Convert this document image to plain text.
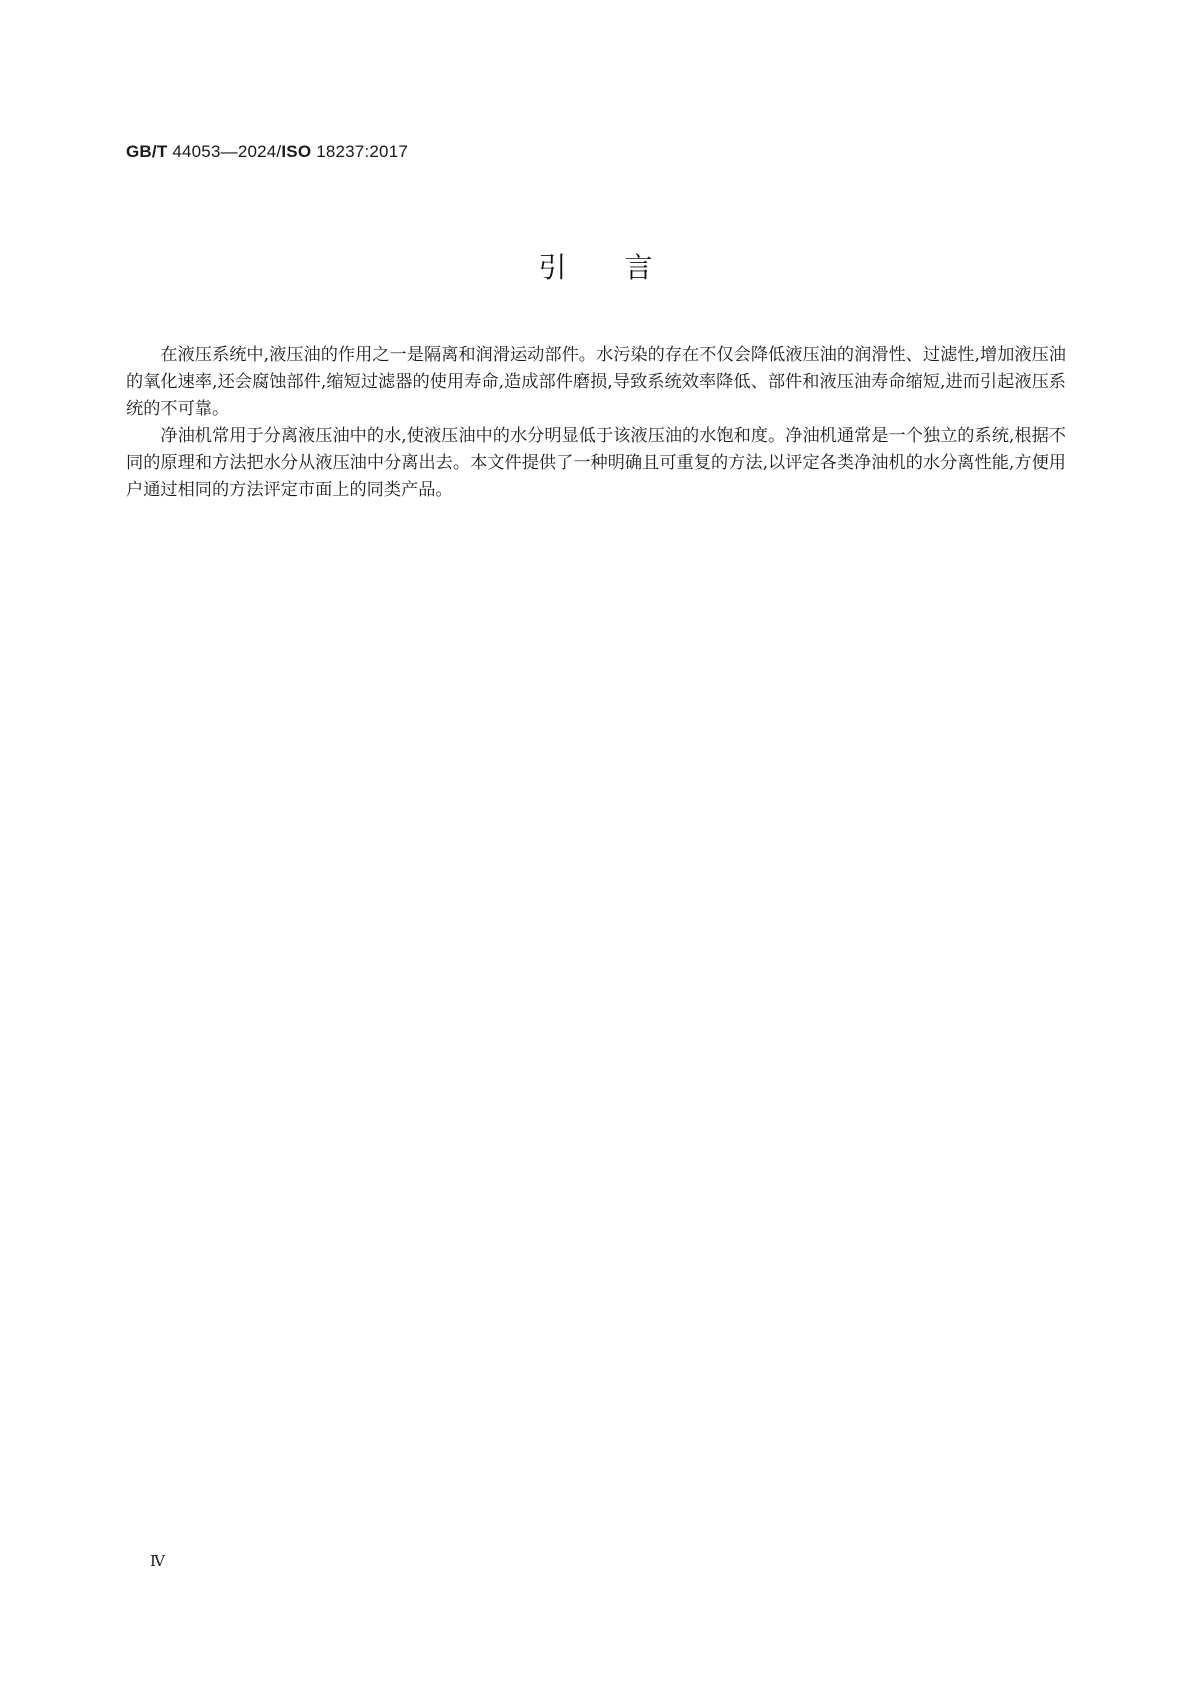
GB/T 44053—2024/ISO 18237:2017
引言

在液压系统中,液压油的作用之一是隔离和润滑运动部件。水污染的存在不仅会降低液压油的润滑性、过滤性,增加液压油的氧化速率,还会腐蚀部件,缩短过滤器的使用寿命,造成部件磨损,导致系统效率降低、部件和液压油寿命缩短,进而引起液压系统的不可靠。

净油机常用于分离液压油中的水,使液压油中的水分明显低于该液压油的水饱和度。净油机通常是一个独立的系统,根据不同的原理和方法把水分从液压油中分离出去。本文件提供了一种明确且可重复的方法,以评定各类净油机的水分离性能,方便用户通过相同的方法评定市面上的同类产品。

Ⅳ
